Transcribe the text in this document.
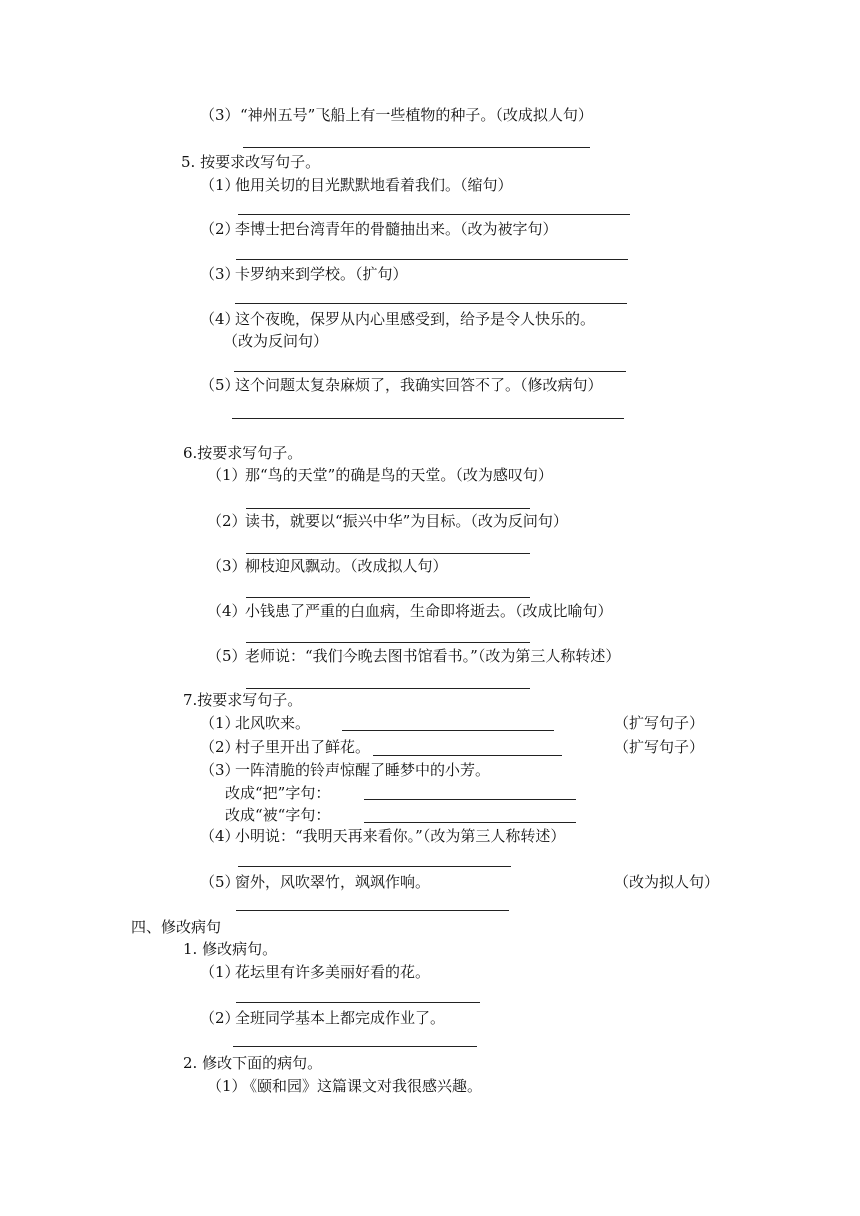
（3） “神州五号”飞船上有一些植物的种子。（改成拟人句）
5. 按要求改写句子。
（1）
他用关切的目光默默地看着我们。（缩句）
（2）
李博士把台湾青年的骨髓抽出来。（改为被字句）
（3）
卡罗纳来到学校。（扩句）
（4）
这个夜晚，保罗从内心里感受到，给予是令人快乐的。
（改为反问句）
（5）
这个问题太复杂麻烦了，我确实回答不了。（修改病句）
6.按要求写句子。
（1）
那“鸟的天堂”的确是鸟的天堂。（改为感叹句）
（2）
读书，就要以“振兴中华”为目标。（改为反问句）
（3）
柳枝迎风飘动。（改成拟人句）
（4）
小钱患了严重的白血病，生命即将逝去。（改成比喻句）
（5）
老师说：“我们今晚去图书馆看书。”（改为第三人称转述）
7.按要求写句子。
（1）
北风吹来。	（扩写句子）
（2）
村子里开出了鲜花。	（扩写句子）
（3）
一阵清脆的铃声惊醒了睡梦中的小芳。
改成“把”字句：
改成“被“字句：
（4）
小明说：“我明天再来看你。”（改为第三人称转述）
（5）
窗外，风吹翠竹，飒飒作响。	（改为拟人句）
四、修改病句
1. 修改病句。
（1）
花坛里有许多美丽好看的花。
（2）
全班同学基本上都完成作业了。
2. 修改下面的病句。
（1）
《颐和园》这篇课文对我很感兴趣。
